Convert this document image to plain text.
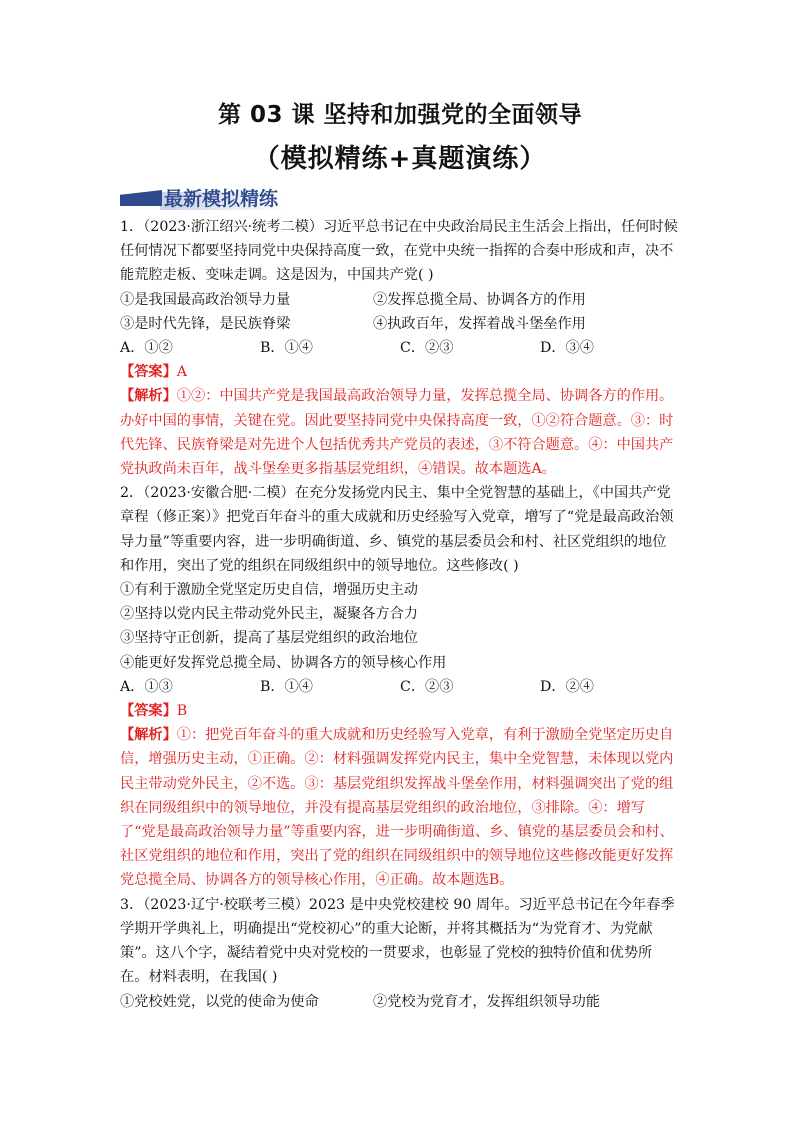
第 03 课 坚持和加强党的全面领导
（模拟精练+真题演练）
最新模拟精练

1．（2023·浙江绍兴·统考二模）习近平总书记在中央政治局民主生活会上指出，任何时候任何情况下都要坚持同党中央保持高度一致，在党中央统一指挥的合奏中形成和声，决不能荒腔走板、变味走调。这是因为，中国共产党( )

①是我国最高政治领导力量	②发挥总揽全局、协调各方的作用
③是时代先锋，是民族脊梁	④执政百年，发挥着战斗堡垒作用
A．①②	B．①④	C．②③	D．③④

【答案】A

【解析】①②：中国共产党是我国最高政治领导力量，发挥总揽全局、协调各方的作用。办好中国的事情，关键在党。因此要坚持同党中央保持高度一致，①②符合题意。③：时代先锋、民族脊梁是对先进个人包括优秀共产党员的表述，③不符合题意。④：中国共产党执政尚未百年，战斗堡垒更多指基层党组织，④错误。故本题选A。

2．（2023·安徽合肥·二模）在充分发扬党内民主、集中全党智慧的基础上，《中国共产党章程（修正案）》把党百年奋斗的重大成就和历史经验写入党章，增写了“党是最高政治领导力量”等重要内容，进一步明确街道、乡、镇党的基层委员会和村、社区党组织的地位和作用，突出了党的组织在同级组织中的领导地位。这些修改( )

①有利于激励全党坚定历史自信，增强历史主动

②坚持以党内民主带动党外民主，凝聚各方合力

③坚持守正创新，提高了基层党组织的政治地位

④能更好发挥党总揽全局、协调各方的领导核心作用

A．①③	B．①④	C．②③	D．②④

【答案】B

【解析】①：把党百年奋斗的重大成就和历史经验写入党章，有利于激励全党坚定历史自信，增强历史主动，①正确。②：材料强调发挥党内民主，集中全党智慧，未体现以党内民主带动党外民主，②不选。③：基层党组织发挥战斗堡垒作用，材料强调突出了党的组织在同级组织中的领导地位，并没有提高基层党组织的政治地位，③排除。④：增写了“党是最高政治领导力量”等重要内容，进一步明确街道、乡、镇党的基层委员会和村、社区党组织的地位和作用，突出了党的组织在同级组织中的领导地位这些修改能更好发挥党总揽全局、协调各方的领导核心作用，④正确。故本题选B。

3．（2023·辽宁·校联考三模）2023 是中央党校建校 90 周年。习近平总书记在今年春季学期开学典礼上，明确提出“党校初心”的重大论断，并将其概括为“为党育才、为党献策”。这八个字，凝结着党中央对党校的一贯要求，也彰显了党校的独特价值和优势所在。材料表明，在我国( )

①党校姓党，以党的使命为使命	②党校为党育才，发挥组织领导功能
